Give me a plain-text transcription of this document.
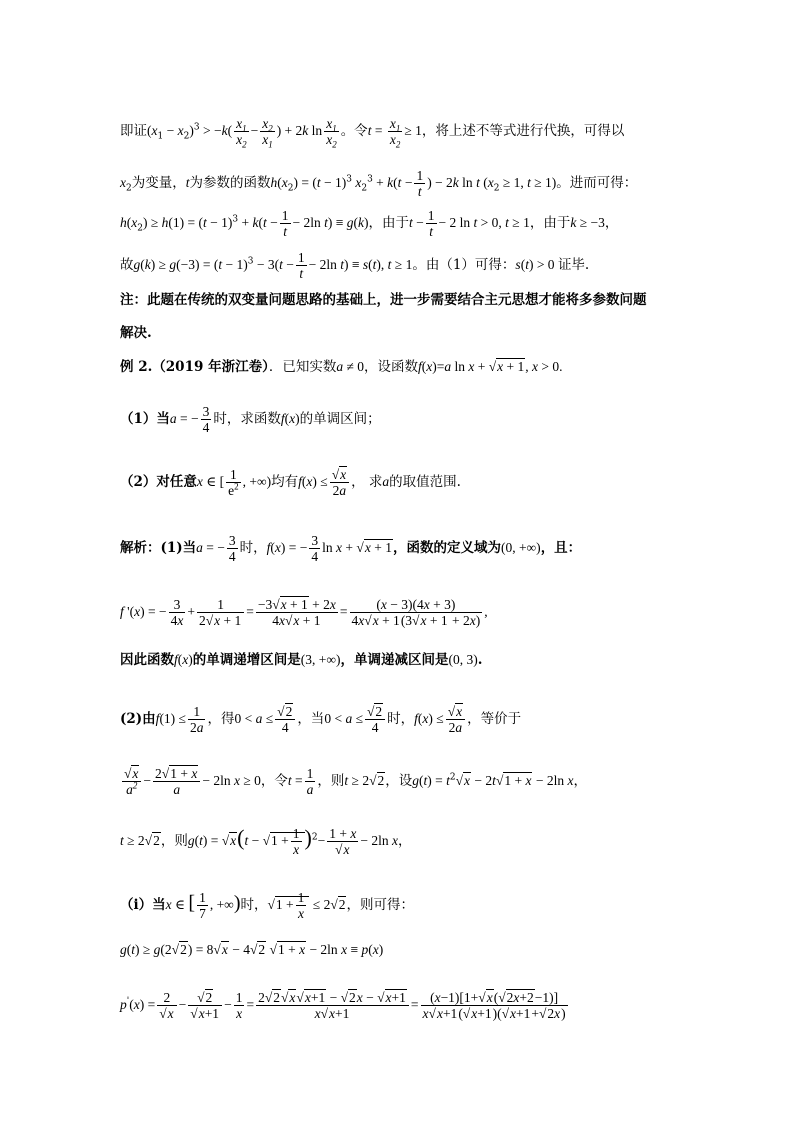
即证$(x_1 - x_2)^3 > -k( \frac{x_1}{x_2} - \frac{x_2}{x_1}$ ) + 2k $\ln \frac{x_1}{x_2}$ 。令$t = \frac{x_1}{x_2} \ge 1$，将上述不等式进行代换，可得以
$x_2$为变量，t为参数的函数$h(x_2) = (t - 1)^3$ $x_2^3 + k(t - \frac{1}{t}$ ) − 2k ln t ($x_2 \ge 1$, t ≥ 1)。进而可得：
$h(x_2) \ge h(1) = (t - 1)^3 + k(t - \frac{1}{t} - 2\ln$ t) ≡ g(k)，由于$t - \frac{1}{t} - 2$ ln t > 0, t ≥ 1，由于k ≥ −3，
故$g(k) \ge g(-3) = (t - 1)^3 - 3(t - \frac{1}{t} - 2\ln$ t) ≡ s(t), t ≥ 1。由（1）可得：s(t) > 0 证毕.
注：此题在传统的双变量问题思路的基础上，进一步需要结合主元思想才能将多参数问题
解决.
例 2.（2019 年浙江卷）．已知实数a ≠ 0，设函数f(x)=a ln x + √x + 1, x > 0.
（1）当a = − $\frac{3}{4}$ 时，求函数f(x)的单调区间；
（2）对任意x ∈ [ $\frac{1}{e^2}$ , +∞)均有$f(x) \le \frac{√x}{2a}$ ， 求a的取值范围.
解析：(1)当a = − $\frac{3}{4}$ 时，f(x) = − $\frac{3}{4}$ ln x + √x + 1，函数的定义域为(0, +∞)，且：
f '(x) = − $\frac{3}{4x} + \frac{1}{2√x + 1} = \frac{-3√x + 1 + 2x}{4x√x + 1} = \frac{(x - 3)(4x + 3)}{4x√x + 1(3√x + 1 + 2x)}$ ,
因此函数f(x)的单调递增区间是(3, +∞)，单调递减区间是(0, 3).
(2)由$f(1) \le \frac{1}{2a}$ ，得$0 < a \le \frac{√2}{4}$ ，当$0 < a \le \frac{√2}{4}$ 时，$f(x) \le \frac{√x}{2a}$ ，等价于
$\frac{√x}{a^2} - \frac{2√1 + x}{a} - 2\ln$ x ≥ 0，令$t = \frac{1}{a}$ ，则t ≥ 2√2，设$g(t) = t^2√x - 2t√1 + x - 2\ln$ x，
t ≥ 2√2，则$g(t) = √x(t - √1 + \frac{1}{x} )^2- \frac{1 + x}{√x} - 2\ln$ x，
（i）当x ∈ [ $\frac{1}{7}$ , +∞)时，$√1 + \frac{1}{x} \le 2√2$，则可得：
g(t) ≥ g(2√2) = 8√x − 4√2 √1 + x − 2ln x ≡ p(x)
$p'(x) = \frac{2}{√x} - \frac{√2}{√x+1} - \frac{1}{x} = \frac{2√2√x√x+1 - √2x - √x+1}{x√x+1} = \frac{(x-1)[1+√x(√2x+2-1)]}{x√x+1(√x+1)(√x+1+√2x)}$
